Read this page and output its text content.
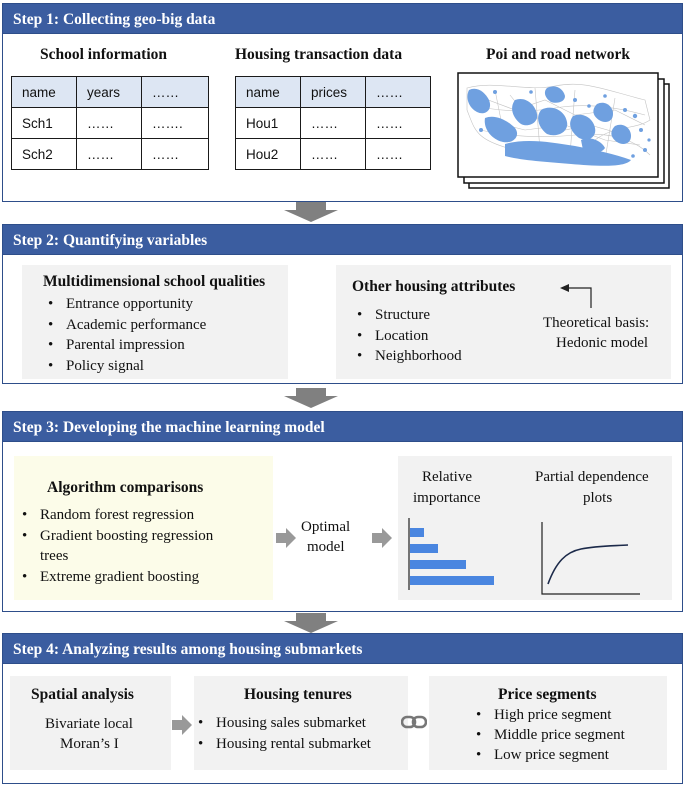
Step 1: Collecting geo-big data
School information
name	years	……
Sch1	……	…….
Sch2	……	……
Housing transaction data
name	prices	……
Hou1	……	……
Hou2	……	……
Poi and road network
Step 2: Quantifying variables
Multidimensional school qualities
• Entrance opportunity
• Academic performance
• Parental impression
• Policy signal
Other housing attributes
• Structure
• Location
• Neighborhood
Theoretical basis:
Hedonic model
Step 3: Developing the machine learning model
Algorithm comparisons
• Random forest regression
• Gradient boosting regression
trees
• Extreme gradient boosting
Optimal
model
Relative
importance
Partial dependence
plots
Step 4: Analyzing results among housing submarkets
Spatial analysis
Bivariate local
Moran’s I
Housing tenures
• Housing sales submarket
• Housing rental submarket
Price segments
• High price segment
• Middle price segment
• Low price segment
